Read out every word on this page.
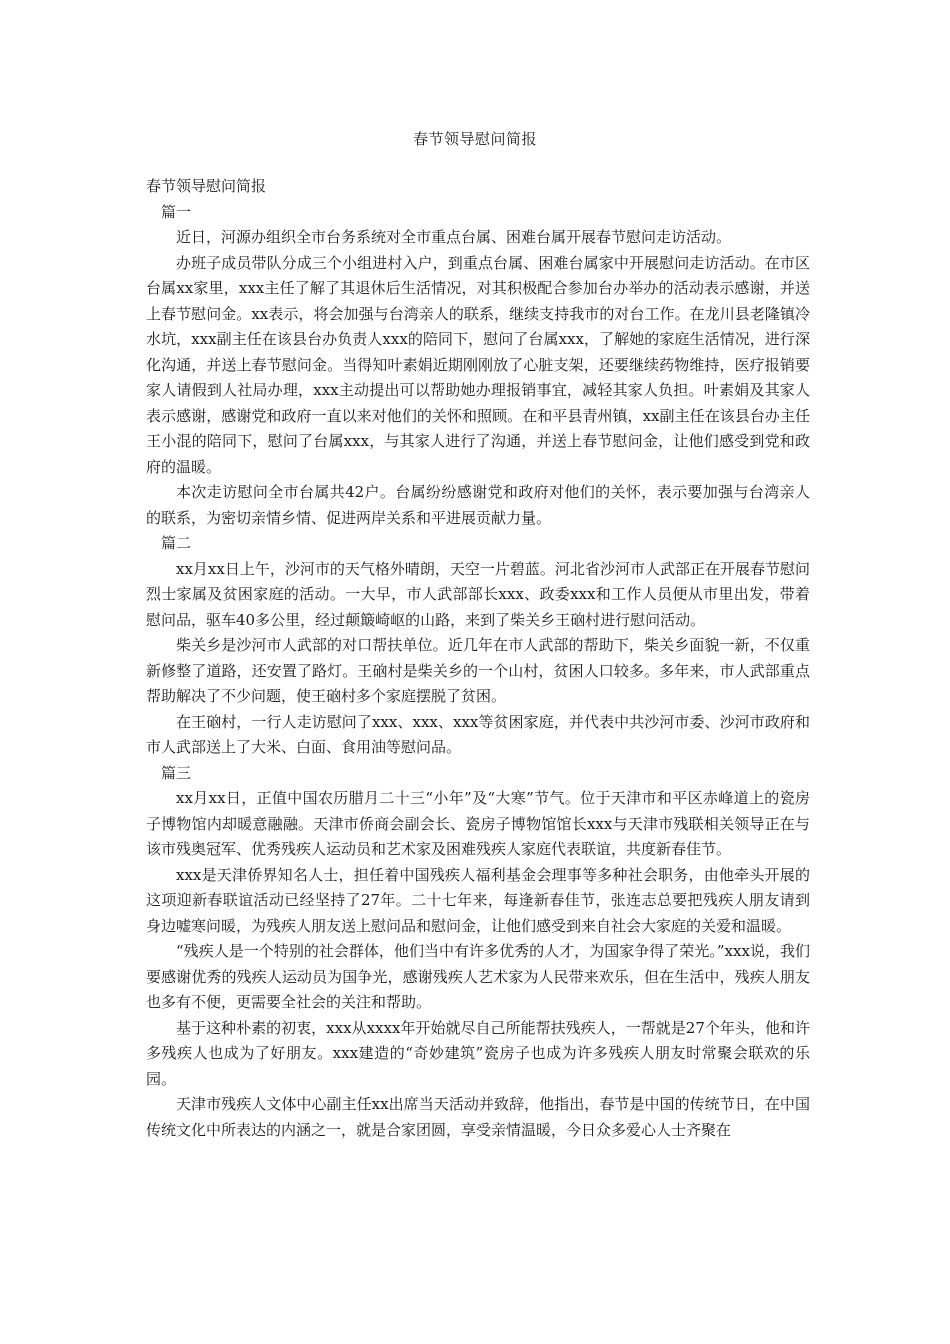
春节领导慰问简报

春节领导慰问简报

篇一

近日，河源办组织全市台务系统对全市重点台属、困难台属开展春节慰问走访活动。

办班子成员带队分成三个小组进村入户，到重点台属、困难台属家中开展慰问走访活动。在市区台属xx家里，xxx主任了解了其退休后生活情况，对其积极配合参加台办举办的活动表示感谢，并送上春节慰问金。xx表示，将会加强与台湾亲人的联系，继续支持我市的对台工作。在龙川县老隆镇冷水坑，xxx副主任在该县台办负责人xxx的陪同下，慰问了台属xxx，了解她的家庭生活情况，进行深化沟通，并送上春节慰问金。当得知叶素娟近期刚刚放了心脏支架，还要继续药物维持，医疗报销要家人请假到人社局办理，xxx主动提出可以帮助她办理报销事宜，减轻其家人负担。叶素娟及其家人表示感谢，感谢党和政府一直以来对他们的关怀和照顾。在和平县青州镇，xx副主任在该县台办主任王小混的陪同下，慰问了台属xxx，与其家人进行了沟通，并送上春节慰问金，让他们感受到党和政府的温暖。

本次走访慰问全市台属共42户。台属纷纷感谢党和政府对他们的关怀，表示要加强与台湾亲人的联系，为密切亲情乡情、促进两岸关系和平进展贡献力量。

篇二

xx月xx日上午，沙河市的天气格外晴朗，天空一片碧蓝。河北省沙河市人武部正在开展春节慰问烈士家属及贫困家庭的活动。一大早，市人武部部长xxx、政委xxx和工作人员便从市里出发，带着慰问品，驱车40多公里，经过颠簸崎岖的山路，来到了柴关乡王硇村进行慰问活动。

柴关乡是沙河市人武部的对口帮扶单位。近几年在市人武部的帮助下，柴关乡面貌一新，不仅重新修整了道路，还安置了路灯。王硇村是柴关乡的一个山村，贫困人口较多。多年来，市人武部重点帮助解决了不少问题，使王硇村多个家庭摆脱了贫困。

在王硇村，一行人走访慰问了xxx、xxx、xxx等贫困家庭，并代表中共沙河市委、沙河市政府和市人武部送上了大米、白面、食用油等慰问品。

篇三

xx月xx日，正值中国农历腊月二十三“小年”及“大寒”节气。位于天津市和平区赤峰道上的瓷房子博物馆内却暖意融融。天津市侨商会副会长、瓷房子博物馆馆长xxx与天津市残联相关领导正在与该市残奥冠军、优秀残疾人运动员和艺术家及困难残疾人家庭代表联谊，共度新春佳节。

xxx是天津侨界知名人士，担任着中国残疾人福利基金会理事等多种社会职务，由他牵头开展的这项迎新春联谊活动已经坚持了27年。二十七年来，每逢新春佳节，张连志总要把残疾人朋友请到身边嘘寒问暖，为残疾人朋友送上慰问品和慰问金，让他们感受到来自社会大家庭的关爱和温暖。

“残疾人是一个特别的社会群体，他们当中有许多优秀的人才，为国家争得了荣光。”xxx说，我们要感谢优秀的残疾人运动员为国争光，感谢残疾人艺术家为人民带来欢乐，但在生活中，残疾人朋友也多有不便，更需要全社会的关注和帮助。

基于这种朴素的初衷，xxx从xxxx年开始就尽自己所能帮扶残疾人，一帮就是27个年头，他和许多残疾人也成为了好朋友。xxx建造的“奇妙建筑”瓷房子也成为许多残疾人朋友时常聚会联欢的乐园。

天津市残疾人文体中心副主任xx出席当天活动并致辞，他指出，春节是中国的传统节日，在中国传统文化中所表达的内涵之一，就是合家团圆，享受亲情温暖，今日众多爱心人士齐聚在
